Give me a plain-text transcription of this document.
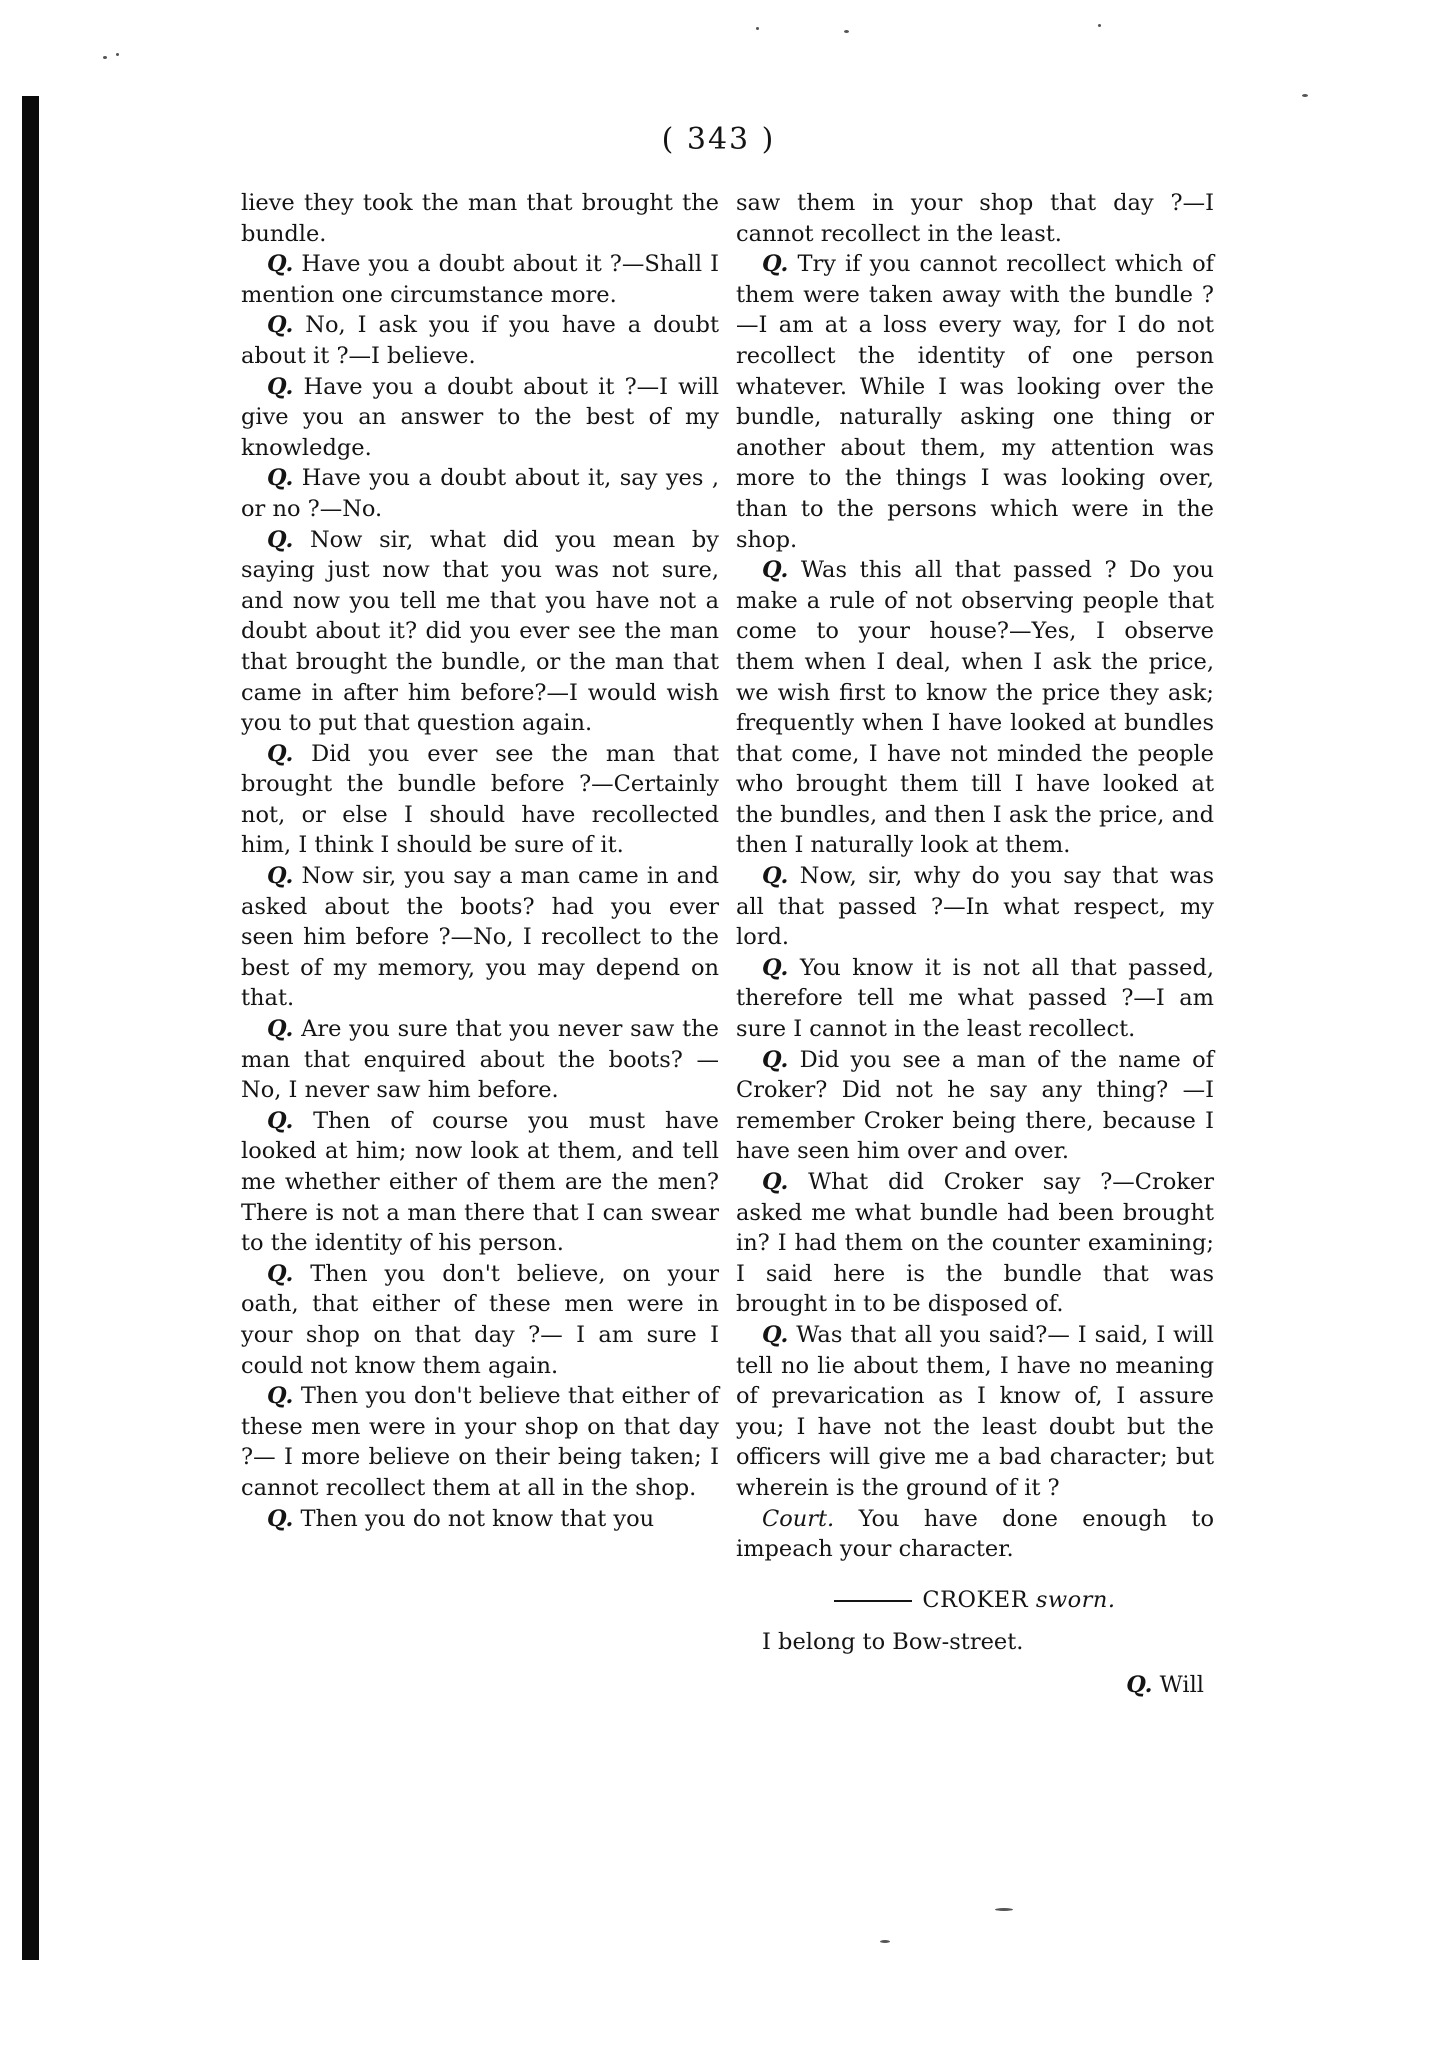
( 343 )

lieve they took the man that brought the bundle.

Q. Have you a doubt about it ?—Shall I mention one circumstance more.

Q. No, I ask you if you have a doubt about it ?—I believe.

Q. Have you a doubt about it ?—I will give you an answer to the best of my knowledge.

Q. Have you a doubt about it, say yes , or no ?—No.

Q. Now sir, what did you mean by saying just now that you was not sure, and now you tell me that you have not a doubt about it? did you ever see the man that brought the bundle, or the man that came in after him before?—I would wish you to put that question again.

Q. Did you ever see the man that brought the bundle before ?—Certainly not, or else I should have recollected him, I think I should be sure of it.

Q. Now sir, you say a man came in and asked about the boots? had you ever seen him before ?—No, I recollect to the best of my memory, you may depend on that.

Q. Are you sure that you never saw the man that enquired about the boots? —No, I never saw him before.

Q. Then of course you must have looked at him; now look at them, and tell me whether either of them are the men? There is not a man there that I can swear to the identity of his person.

Q. Then you don't believe, on your oath, that either of these men were in your shop on that day ?— I am sure I could not know them again.

Q. Then you don't believe that either of these men were in your shop on that day ?— I more believe on their being taken; I cannot recollect them at all in the shop.

Q. Then you do not know that you

saw them in your shop that day ?—I cannot recollect in the least.

Q. Try if you cannot recollect which of them were taken away with the bundle ?—I am at a loss every way, for I do not recollect the identity of one person whatever. While I was looking over the bundle, naturally asking one thing or another about them, my attention was more to the things I was looking over, than to the persons which were in the shop.

Q. Was this all that passed ? Do you make a rule of not observing people that come to your house?—Yes, I observe them when I deal, when I ask the price, we wish first to know the price they ask; frequently when I have looked at bundles that come, I have not minded the people who brought them till I have looked at the bundles, and then I ask the price, and then I naturally look at them.

Q. Now, sir, why do you say that was all that passed ?—In what respect, my lord.

Q. You know it is not all that passed, therefore tell me what passed ?—I am sure I cannot in the least recollect.

Q. Did you see a man of the name of Croker? Did not he say any thing? —I remember Croker being there, because I have seen him over and over.

Q. What did Croker say ?—Croker asked me what bundle had been brought in? I had them on the counter examining; I said here is the bundle that was brought in to be disposed of.

Q. Was that all you said?— I said, I will tell no lie about them, I have no meaning of prevarication as I know of, I assure you; I have not the least doubt but the officers will give me a bad character; but wherein is the ground of it ?

Court. You have done enough to impeach your character.

CROKER sworn.

I belong to Bow-street.

Q. Will
